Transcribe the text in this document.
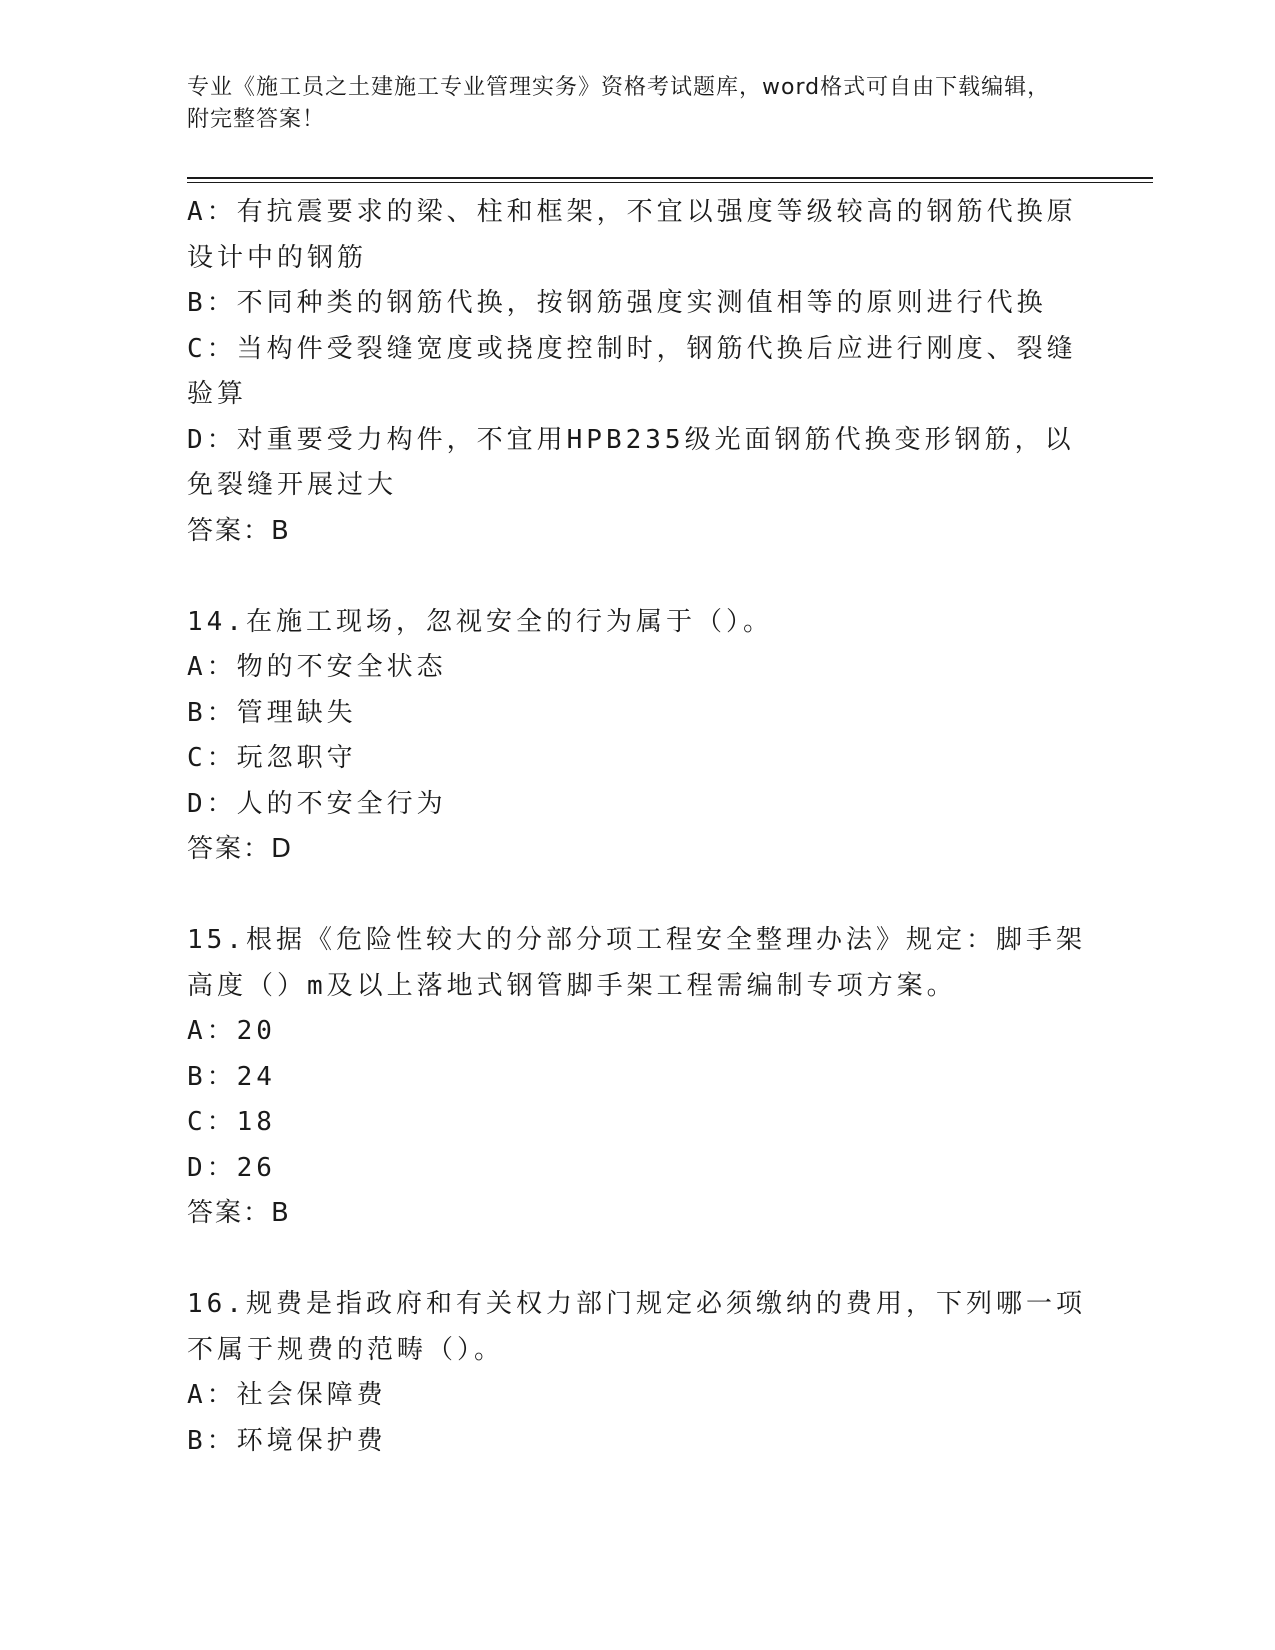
专业《施工员之土建施工专业管理实务》资格考试题库，word格式可自由下载编辑，附完整答案！
A：有抗震要求的梁、柱和框架，不宜以强度等级较高的钢筋代换原设计中的钢筋
B：不同种类的钢筋代换，按钢筋强度实测值相等的原则进行代换
C：当构件受裂缝宽度或挠度控制时，钢筋代换后应进行刚度、裂缝验算
D：对重要受力构件，不宜用HPB235级光面钢筋代换变形钢筋，以免裂缝开展过大
答案：B
14.在施工现场，忽视安全的行为属于（）。
A：物的不安全状态
B：管理缺失
C：玩忽职守
D：人的不安全行为
答案：D
15.根据《危险性较大的分部分项工程安全整理办法》规定：脚手架高度（）m及以上落地式钢管脚手架工程需编制专项方案。
A：20
B：24
C：18
D：26
答案：B
16.规费是指政府和有关权力部门规定必须缴纳的费用，下列哪一项不属于规费的范畴（）。
A：社会保障费
B：环境保护费
